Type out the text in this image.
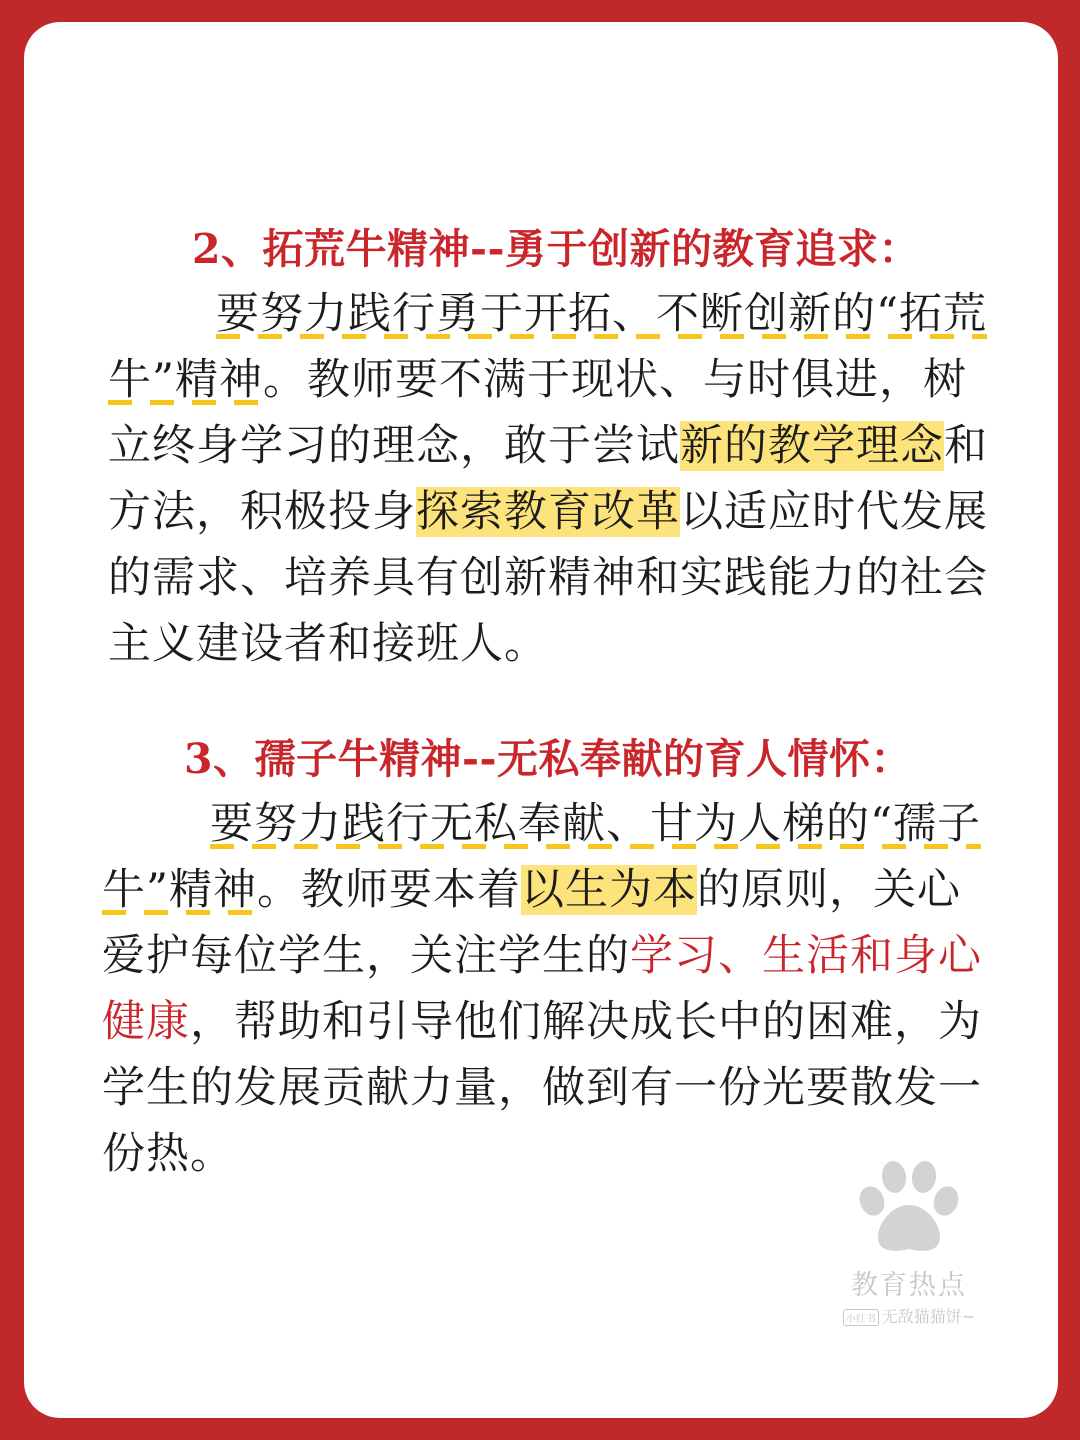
2、拓荒牛精神--勇于创新的教育追求：

要努力践行勇于开拓、不断创新的“拓荒
牛”精神。教师要不满于现状、与时俱进，树
立终身学习的理念，敢于尝试新的教学理念和
方法，积极投身探索教育改革以适应时代发展
的需求、培养具有创新精神和实践能力的社会
主义建设者和接班人。

3、孺子牛精神--无私奉献的育人情怀：

要努力践行无私奉献、甘为人梯的“孺子
牛”精神。教师要本着以生为本的原则，关心
爱护每位学生，关注学生的学习、生活和身心
健康，帮助和引导他们解决成长中的困难，为
学生的发展贡献力量，做到有一份光要散发一
份热。
教育热点
小红书 无敌猫猫饼~
